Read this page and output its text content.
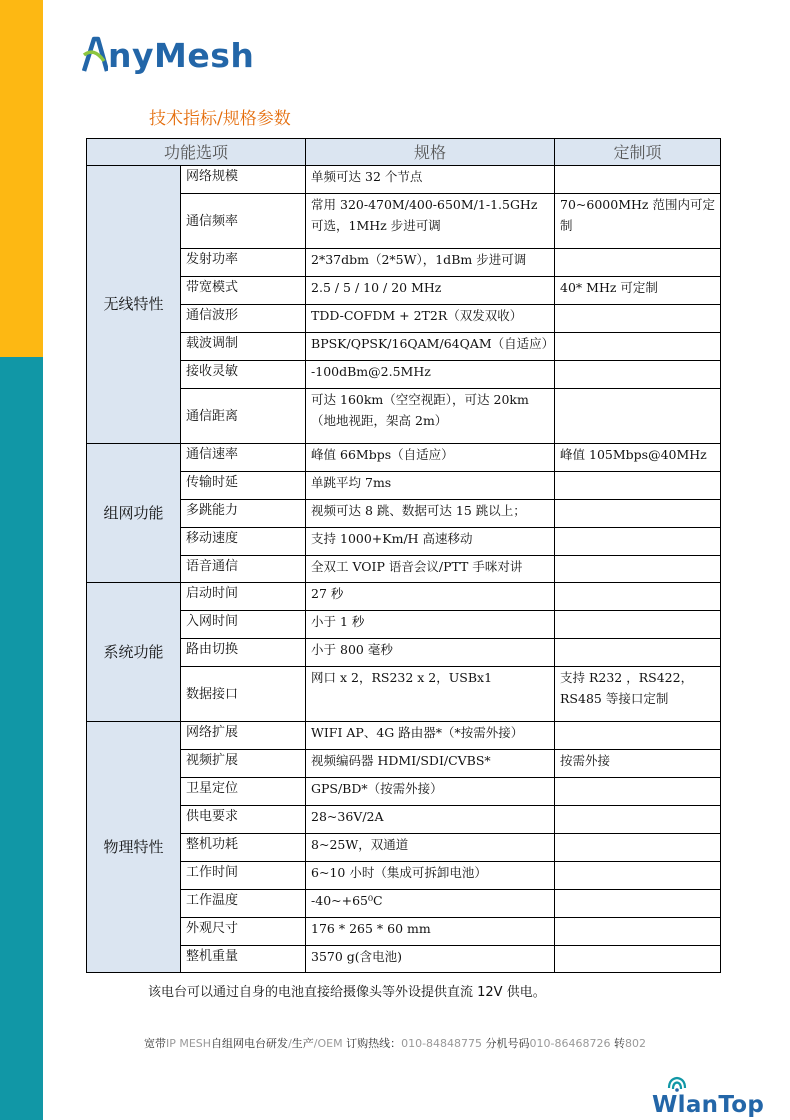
nyMesh
技术指标/规格参数
功能选项		规格	定制项
无线特性	网络规模	单频可达 32 个节点	
	通信频率	常用 320-470M/400-650M/1-1.5GHz 可选，1MHz 步进可调	70~6000MHz 范围内可定制
	发射功率	2*37dbm（2*5W），1dBm 步进可调	
	带宽模式	2.5 / 5 / 10 / 20 MHz	40* MHz 可定制
	通信波形	TDD-COFDM + 2T2R（双发双收）	
	载波调制	BPSK/QPSK/16QAM/64QAM（自适应）	
	接收灵敏	-100dBm@2.5MHz	
	通信距离	可达 160km（空空视距），可达 20km（地地视距，架高 2m）	
组网功能	通信速率	峰值 66Mbps（自适应）	峰值 105Mbps@40MHz
	传输时延	单跳平均 7ms	
	多跳能力	视频可达 8 跳、数据可达 15 跳以上；	
	移动速度	支持 1000+Km/H 高速移动	
	语音通信	全双工 VOIP 语音会议/PTT 手咪对讲	
系统功能	启动时间	27 秒	
	入网时间	小于 1 秒	
	路由切换	小于 800 毫秒	
	数据接口	网口 x 2，RS232 x 2，USBx1	支持 R232 ，RS422，RS485 等接口定制
物理特性	网络扩展	WIFI AP、4G 路由器*（*按需外接）	
	视频扩展	视频编码器 HDMI/SDI/CVBS*	按需外接
	卫星定位	GPS/BD*（按需外接）	
	供电要求	28~36V/2A	
	整机功耗	8~25W，双通道	
	工作时间	6~10 小时（集成可拆卸电池）	
	工作温度	-40~+65⁰C	
	外观尺寸	176 * 265 * 60 mm	
	整机重量	3570 g(含电池)	
该电台可以通过自身的电池直接给摄像头等外设提供直流 12V 供电。
宽带IP MESH自组网电台研发/生产/OEM 订购热线：010-84848775 分机号码010-86468726 转802
WlanTop
